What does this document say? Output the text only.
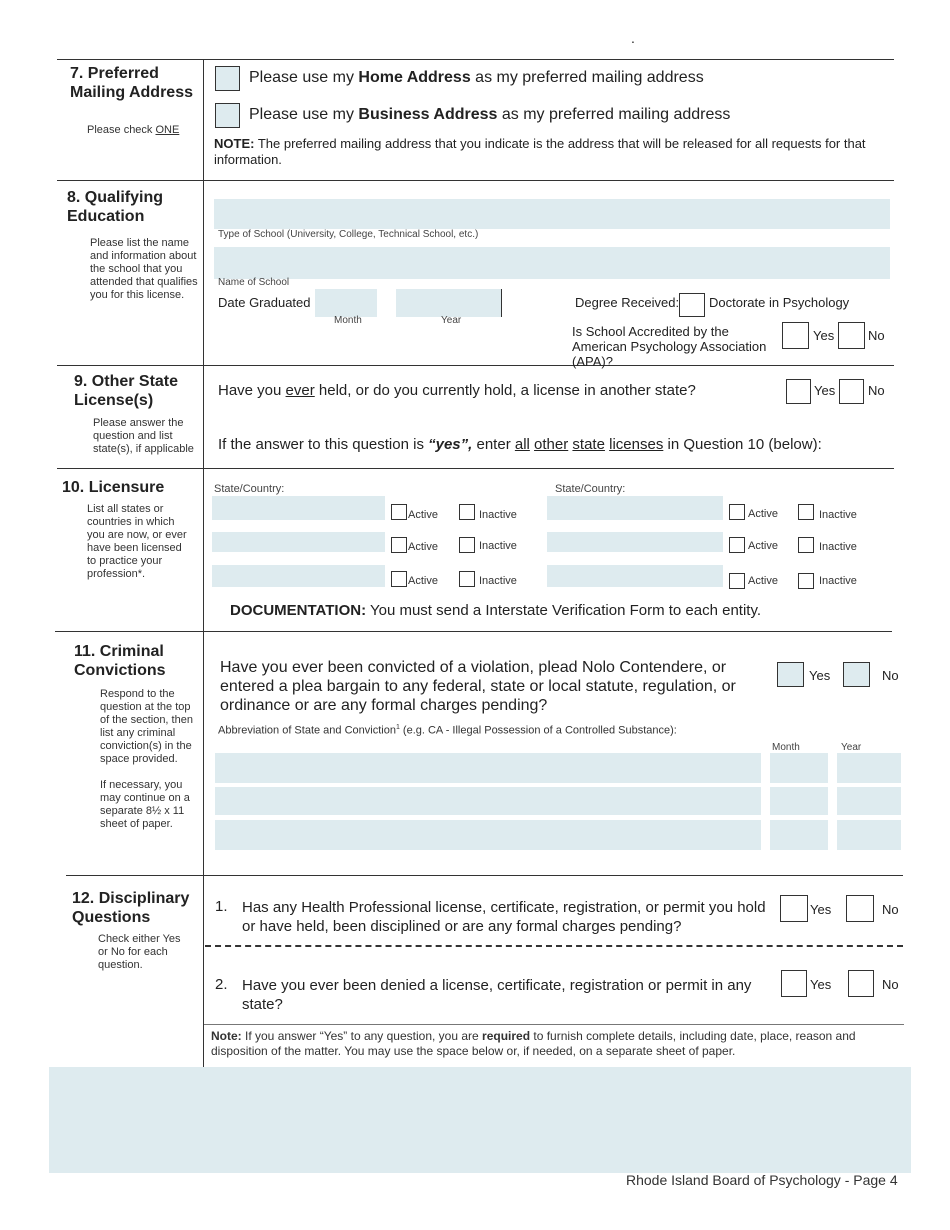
.
7. Preferred Mailing Address
Please check ONE
Please use my Home Address as my preferred mailing address
Please use my Business Address as my preferred mailing address
NOTE: The preferred mailing address that you indicate is the address that will be released for all requests for that information.
8. Qualifying Education
Please list the name and information about the school that you attended that qualifies you for this license.
Type of School (University, College, Technical School, etc.)
Name of School
Date Graduated
Month	Year
Degree Received: Doctorate in Psychology
Is School Accredited by the American Psychology Association (APA)?
Yes	No
9. Other State License(s)
Please answer the question and list state(s), if applicable
Have you ever held, or do you currently hold, a license in another state?	Yes	No
If the answer to this question is “yes”, enter all other state licenses in Question 10 (below):
10. Licensure
List all states or countries in which you are now, or ever have been licensed to practice your profession*.
State/Country:	State/Country:
Active	Inactive	Active	Inactive
Active	Inactive	Active	Inactive
Active	Inactive	Active	Inactive
DOCUMENTATION: You must send a Interstate Verification Form to each entity.
11. Criminal Convictions
Respond to the question at the top of the section, then list any criminal conviction(s) in the space provided.
If necessary, you may continue on a separate 8½ x 11 sheet of paper.
Have you ever been convicted of a violation, plead Nolo Contendere, or entered a plea bargain to any federal, state or local statute, regulation, or ordinance or are any formal charges pending?
Yes	No
Abbreviation of State and Conviction$^1$ (e.g. CA - Illegal Possession of a Controlled Substance):
Month	Year
12. Disciplinary Questions
Check either Yes or No for each question.
1. Has any Health Professional license, certificate, registration, or permit you hold or have held, been disciplined or are any formal charges pending?
Yes	No
2. Have you ever been denied a license, certificate, registration or permit in any state?
Yes	No
Note: If you answer “Yes” to any question, you are required to furnish complete details, including date, place, reason and disposition of the matter. You may use the space below or, if needed, on a separate sheet of paper.
Rhode Island Board of Psychology - Page 4
